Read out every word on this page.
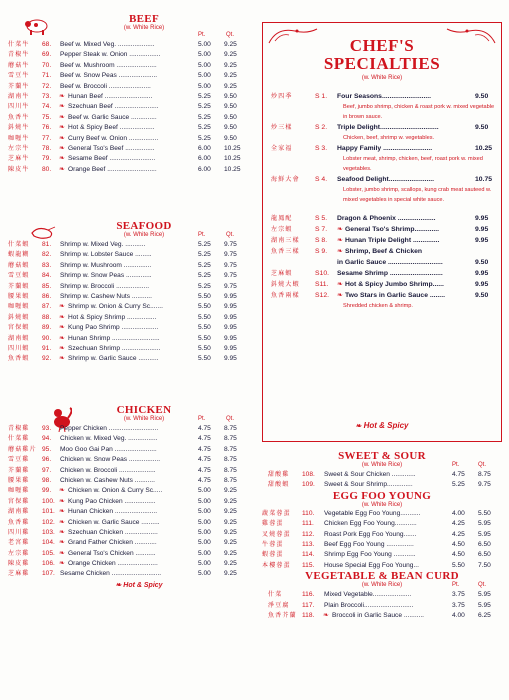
BEEF
(w. White Rice)
Pt.	Qt.
什菜牛 68. Beef w. Mixed Veg. ....................	5.00 9.25
青椒牛 69. Pepper Steak w. Onion .................	5.00 9.25
蘑菇牛 70. Beef w. Mushroom ......................	5.00 9.25
雪豆牛 71. Beef w. Snow Peas .....................	5.00 9.25
芥蘭牛 72. Beef w. Broccoli .......................	5.00 9.25
湖南牛 73.	Hunan Beef ..........................	5.25 9.50
❧
四川牛 74.	Szechuan Beef ........................	5.25 9.50
❧
魚香牛 75.	Beef w. Garlic Sauce ..............	5.25 9.50
❧
鈄燒牛 76.	Hot & Spicy Beef ...................	5.25 9.50
❧
咖喱牛 77.	Curry Beef w. Onion ................	5.25 9.50
❧
左宗牛 78.	General Tso's Beef ................	6.00 10.25
❧
芝麻牛 79.	Sesame Beef .........................	6.00 10.25
❧
陳皮牛 80.	Orange Beef ...........................	6.00 10.25
❧
SEAFOOD
(w. White Rice)	Pt.	Qt.
什菜蝦 81. Shrimp w. Mixed Veg. ...........	5.25 9.75
蝦龍糊 82. Shrimp w. Lobster Sauce .........	5.25 9.75
蘑菇蝦 83. Shrimp w. Mushroom ...............	5.25 9.75
雪豆蝦 84. Shrimp w. Snow Peas ..............	5.25 9.75
芥蘭蝦 85. Shrimp w. Broccoli ..................	5.25 9.75
腰果蝦 86. Shrimp w. Cashew Nuts ...........	5.50 9.95
咖喱蝦 87.	Shrimp w. Onion & Curry Sc.......	5.50 9.95
❧
鈄燒蝦 88.	Hot & Spicy Shrimp ................	5.50 9.95
❧
宮保蝦 89.	Kung Pao Shrimp ....................	5.50 9.95
❧
湖南蝦 90.	Hunan Shrimp ..........................	5.50 9.95
❧
四川蝦 91.	Szechuan Shrimp .....................	5.50 9.95
❧
魚香蝦 92.	Shrimp w. Garlic Sauce ...........	5.50 9.95
❧
CHICKEN
(w. White Rice)	Pt.	Qt.
青椒雞 93. Pepper Chicken ...........................	4.75 8.75
什菜雞 94. Chicken w. Mixed Veg. ................	4.75 8.75
蘑菇雞片 95. Moo Goo Gai Pan .......................	4.75 8.75
雪豆雞 96. Chicken w. Snow Peas .................	4.75 8.75
芥蘭雞 97. Chicken w. Broccoli ....................	4.75 8.75
腰果雞 98. Chicken w. Cashew Nuts ...........	4.75 8.75
咖喱雞 99.	Chicken w. Onion & Curry Sc.....	5.00 9.25
❧
宮保雞 100. Kung Pao Chicken .................	5.00 9.25
❧
湖南雞 101. Hunan Chicken .......................	5.00 9.25
❧
魚香雞 102. Chicken w. Garlic Sauce ..........	5.00 9.25
❧
四川雞 103. Szechuan Chicken ..................	5.00 9.25
❧
老宮雞 104. Grand Father Chicken ............	5.00 9.25
❧
左宗雞 105. General Tso's Chicken ...........	5.00 9.25
❧
陳皮雞 106. Orange Chicken ......................	5.00 9.25
❧
芝麻雞 107. Sesame Chicken ...........................	5.00 9.25
❧ Hot & Spicy
CHEF'S
SPECIALTIES
(w. White Rice)
炒四季	S 1. Four Seasons..........................	9.50
Beef, jumbo shrimp, chicken & roast pork w. mixed vegetable in brown sauce.
炒三樣	S 2. Triple Delight...............................	9.50
Chicken, beef, shrimp w. vegetables.
全家福	S 3. Happy Family ..........................	10.25
Lobster meat, shrimp, chicken, beef, roast pork w. mixed vegetables.
海鮮大會 S 4. Seafood Delight........................	10.75
Lobster, jumbo shrimp, scallops, kung crab meat sauteed w. mixed vegetables in special white sauce.
龍鳳配	S 5. Dragon & Phoenix ....................	9.95
左宗蝦	S 7.	General Tso's Shrimp.............	9.95
❧
湖南三樣 S 8.	Hunan Triple Delight ..............	9.95
❧
魚香三樣 S 9.	Shrimp, Beef & Chicken
❧
in Garlic Sauce .............................	9.50
芝麻蝦	S10. Sesame Shrimp ............................	9.95
鈄燒大蝦 S11. Hot & Spicy Jumbo Shrimp......	9.95
❧
魚香兩樣 S12. Two Stars in Garlic Sauce ........	9.50
❧
Shredded chicken & shrimp.
❧ Hot & Spicy
SWEET & SOUR
(w. White Rice)	Pt.	Qt.
甜酸雞 108. Sweet & Sour Chicken .............	4.75 8.75
甜酸蝦 109. Sweet & Sour Shrimp..............	5.25 9.75
EGG FOO YOUNG
(w. White Rice)
蔬菜蓉蛋 110. Vegetable Egg Foo Young...........	4.00 5.50
雞蓉蛋	111. Chicken Egg Foo Young............	4.25 5.95
叉燒蓉蛋 112. Roast Pork Egg Foo Young.......	4.25 5.95
牛蓉蛋	113. Beef Egg Foo Young ...............	4.50 6.50
蝦蓉蛋	114. Shrimp Egg Foo Young ............	4.50 6.50
本樓蓉蛋 115. House Special Egg Foo Young...	5.50 7.50
VEGETABLE & BEAN CURD
(w. White Rice)	Pt.	Qt.
什菜	116. Mixed Vegetable.....................	3.75 5.95
淨豆腐 117. Plain Broccoli...........................	3.75 5.95
魚香芥蘭 118.	Broccoli in Garlic Sauce ...........	4.00 6.25
❧
